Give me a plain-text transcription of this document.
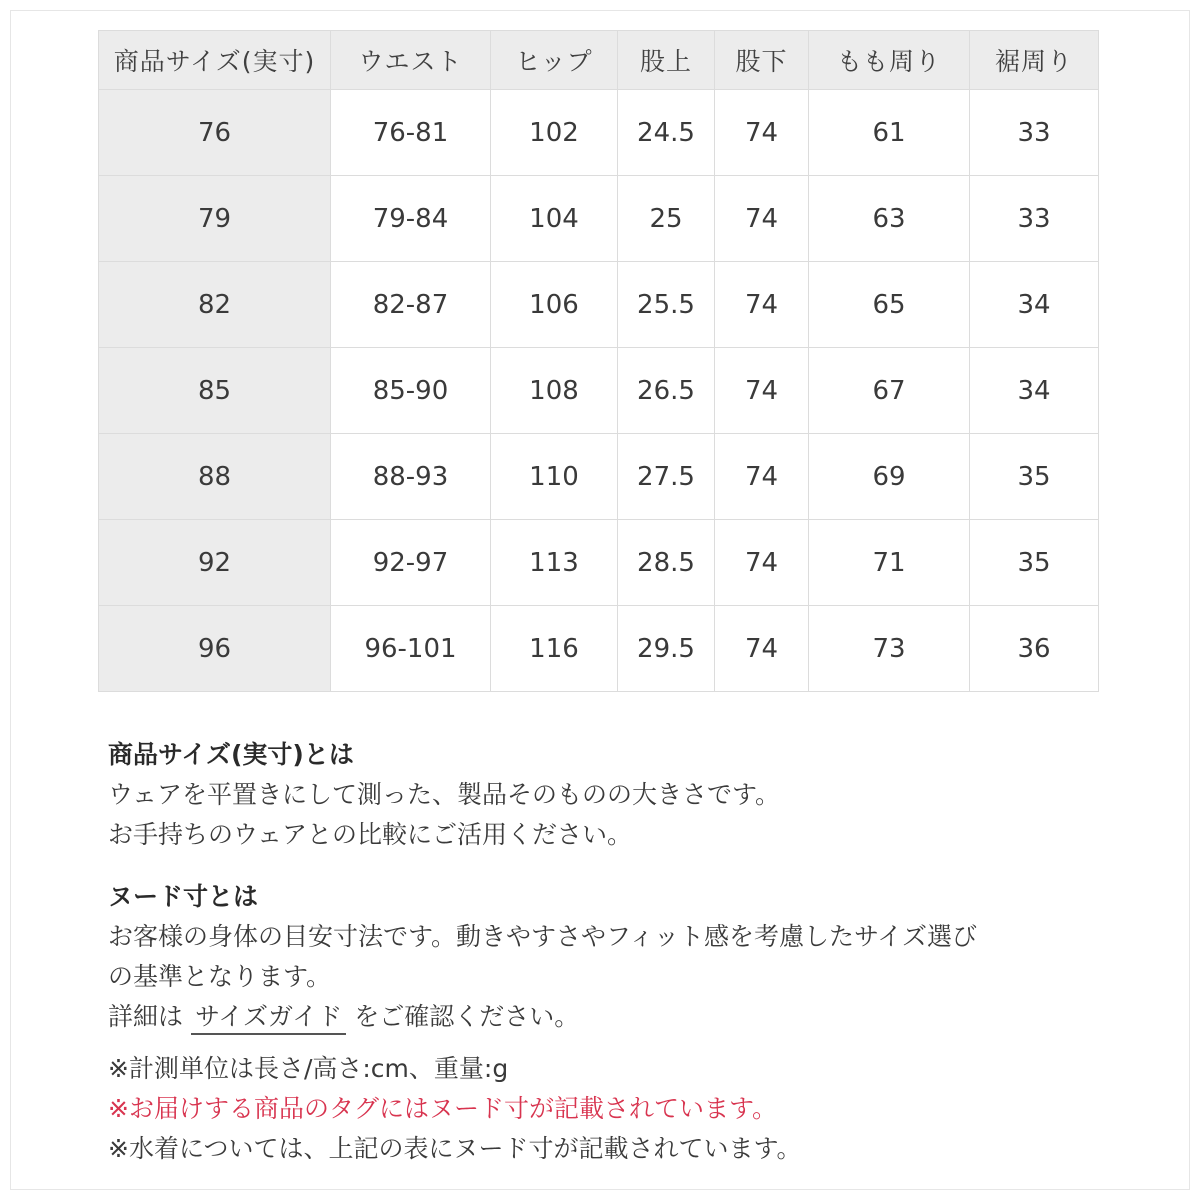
商品サイズ(実寸)	ウエスト	ヒップ	股上	股下	もも周り	裾周り
76	76-81	102	24.5	74	61	33
79	79-84	104	25	74	63	33
82	82-87	106	25.5	74	65	34
85	85-90	108	26.5	74	67	34
88	88-93	110	27.5	74	69	35
92	92-97	113	28.5	74	71	35
96	96-101	116	29.5	74	73	36

商品サイズ(実寸)とは

ウェアを平置きにして測った、製品そのものの大きさです。

お手持ちのウェアとの比較にご活用ください。

ヌード寸とは

お客様の身体の目安寸法です。動きやすさやフィット感を考慮したサイズ選び

の基準となります。

詳細は サイズガイド をご確認ください。

※計測単位は長さ/高さ:cm、重量:g

※お届けする商品のタグにはヌード寸が記載されています。

※水着については、上記の表にヌード寸が記載されています。
